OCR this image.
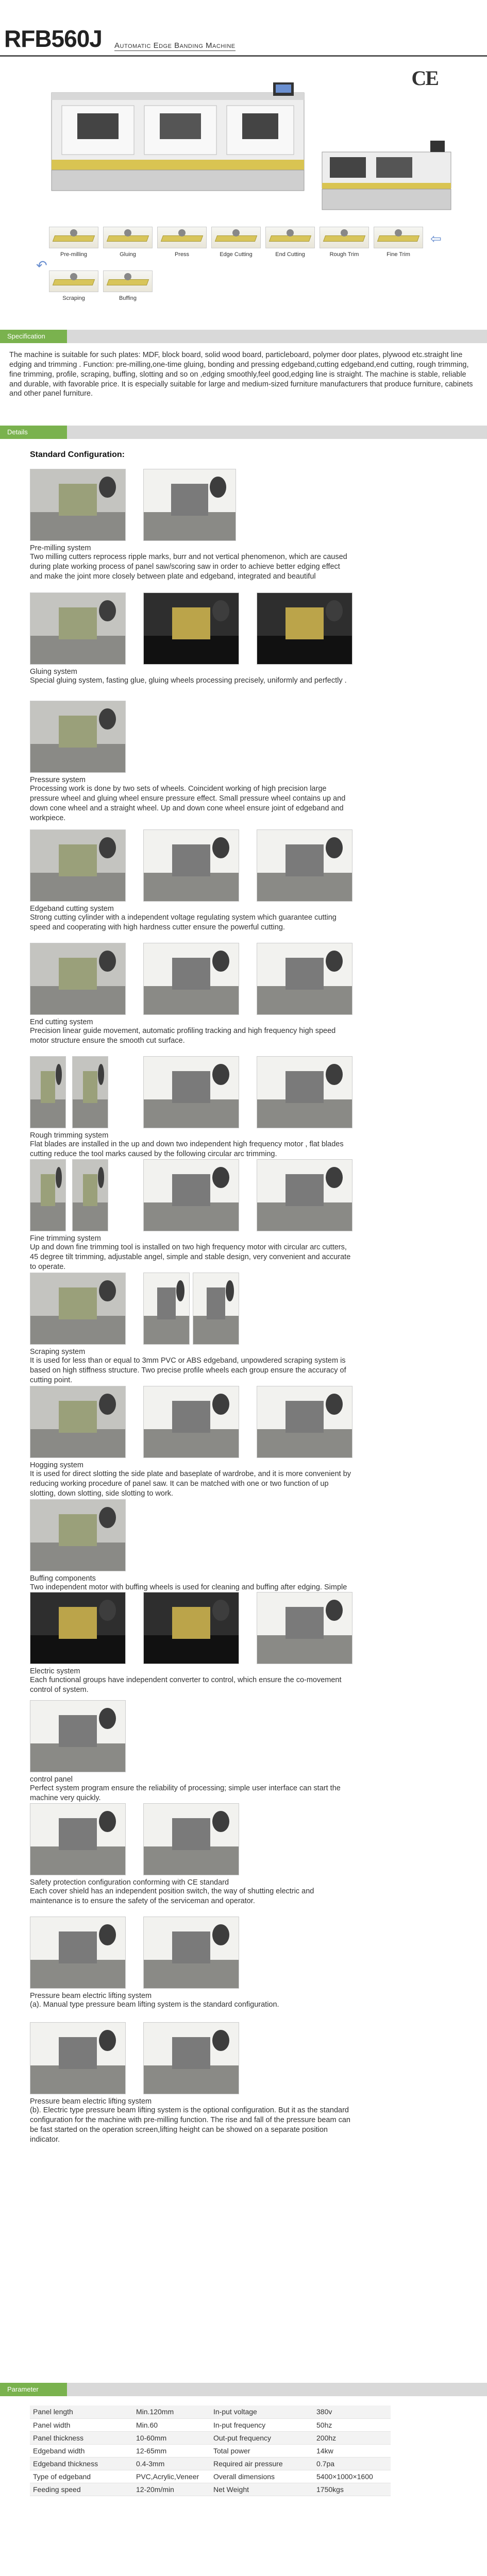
RFB560J Automatic Edge Banding Machine
CE
Pre-milling	Gluing	Press	Edge Cutting	End Cutting	Rough Trim	Fine Trim
⇦
↶
Scraping	Buffing
Specification
The machine is suitable for such plates: MDF, block board, solid wood board, particleboard, polymer door plates, plywood etc.straight line edging and trimming . Function: pre-milling,one-time gluing, bonding and pressing edgeband,cutting edgeband,end cutting, rough trimming, fine trimming, profile, scraping, buffing, slotting and so on ,edging smoothly,feel good,edging line is straight. The machine is stable, reliable and durable, with favorable price. It is especially suitable for large and medium-sized furniture manufacturers that produce furniture, cabinets and other panel furniture.
Details
Standard Configuration:
Pre-milling system
Two milling cutters reprocess ripple marks, burr and not vertical phenomenon, which are caused during plate working process of panel saw/scoring saw in order to achieve better edging effect and make the joint more closely between plate and edgeband, integrated and beautiful
Gluing system
Special gluing system, fasting glue, gluing wheels processing precisely, uniformly and perfectly .
Pressure system
Processing work is done by two sets of wheels. Coincident working of high precision large pressure wheel and gluing wheel ensure pressure effect. Small pressure wheel contains up and down cone wheel and a straight wheel. Up and down cone wheel ensure joint of edgeband and workpiece.
Edgeband cutting system
Strong cutting cylinder with a independent voltage regulating system which guarantee cutting speed and cooperating with high hardness cutter ensure the powerful cutting.
End cutting system
Precision linear guide movement, automatic profiling tracking and high frequency high speed motor structure ensure the smooth cut surface.
Rough trimming system
Flat blades are installed in the up and down two independent high frequency motor , flat blades cutting reduce the tool marks caused by the following circular arc trimming.
Fine trimming system
Up and down fine trimming tool is installed on two high frequency motor with circular arc cutters, 45 degree tilt trimming, adjustable angel, simple and stable design, very convenient and accurate to operate.
Scraping system
It is used for less than or equal to 3mm PVC or ABS edgeband, unpowdered scraping system is based on high stiffness structure. Two precise profile wheels each group ensure the accuracy of cutting point.
Hogging system
It is used for direct slotting the side plate and baseplate of wardrobe, and it is more convenient by reducing working procedure of panel saw. It can be matched with one or two function of up slotting, down slotting, side slotting to work.
Buffing components
Two independent motor with buffing wheels is used for cleaning and buffing after edging. Simple
Electric system
Each functional groups have independent converter to control, which ensure the co-movement control of system.
control panel
Perfect system program ensure the reliability of processing; simple user interface can start the machine very quickly.
Safety protection configuration conforming with CE standard
Each cover shield has an independent position switch, the way of shutting electric and maintenance is to ensure the safety of the serviceman and operator.
Pressure beam electric lifting system
(a). Manual type pressure beam lifting system is the standard configuration.
Pressure beam electric lifting system
(b). Electric type pressure beam lifting system is the optional configuration. But it as the standard configuration for the machine with pre-milling function. The rise and fall of the pressure beam can be fast started on the operation screen,lifting height can be showed on a separate position indicator.
Parameter
Panel length	Min.120mm	In-put voltage	380v
Panel width	Min.60	In-put frequency	50hz
Panel thickness	10-60mm	Out-put frequency	200hz
Edgeband width	12-65mm	Total power	14kw
Edgeband thickness	0.4-3mm	Required air pressure	0.7pa
Type of edgeband	PVC,Acrylic,Veneer	Overall dimensions	5400×1000×1600
Feeding speed	12-20m/min	Net Weight	1750kgs
